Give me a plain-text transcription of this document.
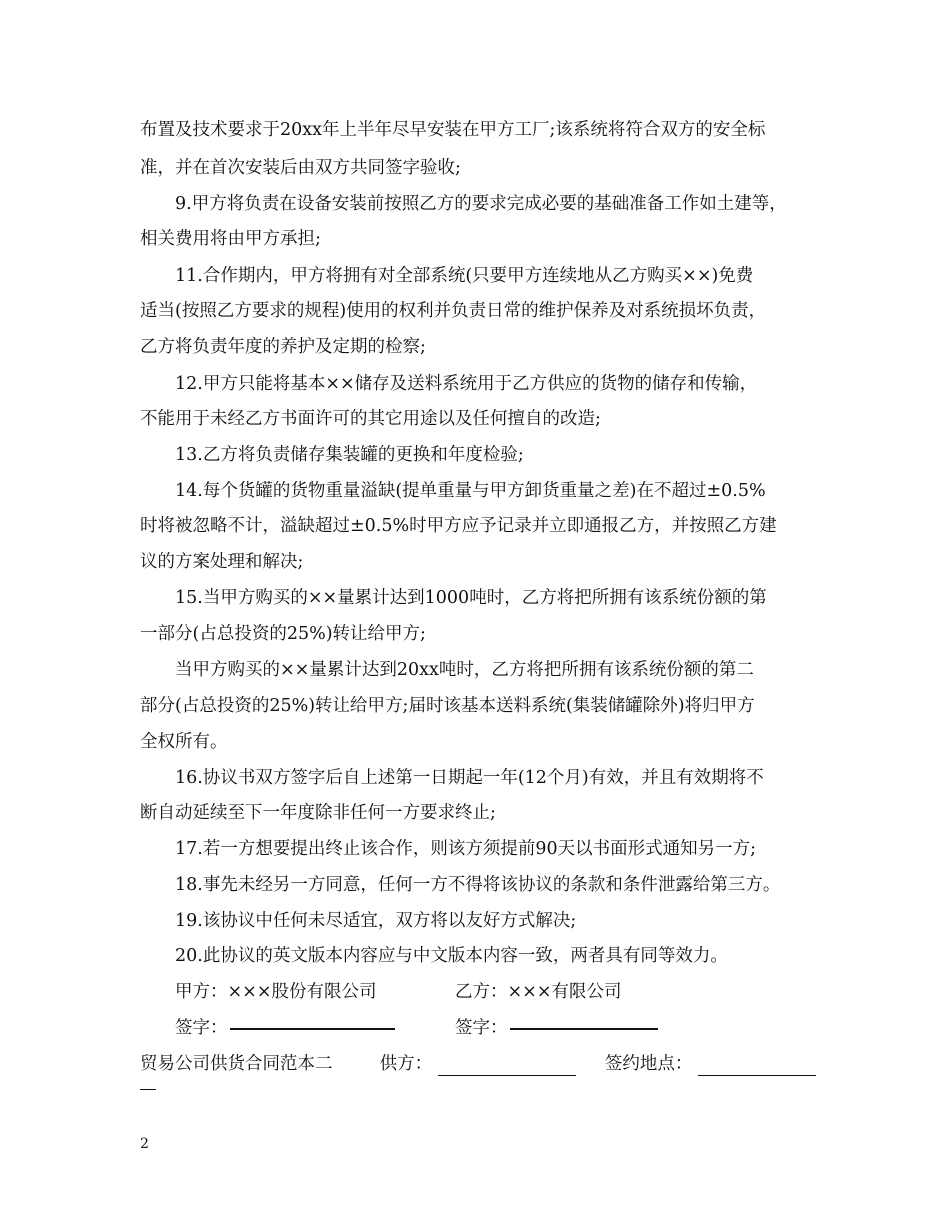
布置及技术要求于20xx年上半年尽早安装在甲方工厂;该系统将符合双方的安全标
准，并在首次安装后由双方共同签字验收;
9.甲方将负责在设备安装前按照乙方的要求完成必要的基础准备工作如土建等，
相关费用将由甲方承担;
11.合作期内，甲方将拥有对全部系统(只要甲方连续地从乙方购买××)免费
适当(按照乙方要求的规程)使用的权利并负责日常的维护保养及对系统损坏负责，
乙方将负责年度的养护及定期的检察;
12.甲方只能将基本××储存及送料系统用于乙方供应的货物的储存和传输，
不能用于未经乙方书面许可的其它用途以及任何擅自的改造;
13.乙方将负责储存集装罐的更换和年度检验;
14.每个货罐的货物重量溢缺(提单重量与甲方卸货重量之差)在不超过±0.5%
时将被忽略不计，溢缺超过±0.5%时甲方应予记录并立即通报乙方，并按照乙方建
议的方案处理和解决;
15.当甲方购买的××量累计达到1000吨时，乙方将把所拥有该系统份额的第
一部分(占总投资的25%)转让给甲方;
当甲方购买的××量累计达到20xx吨时，乙方将把所拥有该系统份额的第二
部分(占总投资的25%)转让给甲方;届时该基本送料系统(集装储罐除外)将归甲方
全权所有。
16.协议书双方签字后自上述第一日期起一年(12个月)有效，并且有效期将不
断自动延续至下一年度除非任何一方要求终止;
17.若一方想要提出终止该合作，则该方须提前90天以书面形式通知另一方;
18.事先未经另一方同意，任何一方不得将该协议的条款和条件泄露给第三方。
19.该协议中任何未尽适宜，双方将以友好方式解决;
20.此协议的英文版本内容应与中文版本内容一致，两者具有同等效力。
甲方：×××股份有限公司	乙方：×××有限公司
签字：	签字：
贸易公司供货合同范本二	供方：	签约地点：
2
